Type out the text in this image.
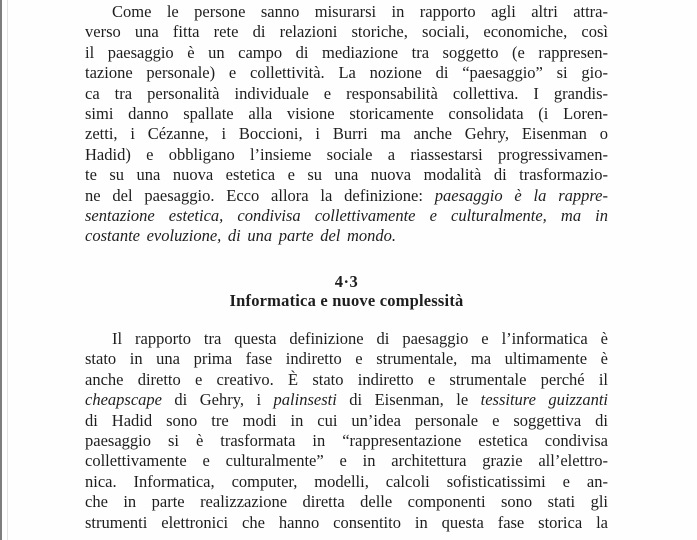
Come le persone sanno misurarsi in rapporto agli altri attra-
verso una fitta rete di relazioni storiche, sociali, economiche, così
il paesaggio è un campo di mediazione tra soggetto (e rappresen-
tazione personale) e collettività. La nozione di “paesaggio” si gio-
ca tra personalità individuale e responsabilità collettiva. I grandis-
simi danno spallate alla visione storicamente consolidata (i Loren-
zetti, i Cézanne, i Boccioni, i Burri ma anche Gehry, Eisenman o
Hadid) e obbligano l’insieme sociale a riassestarsi progressivamen-
te su una nuova estetica e su una nuova modalità di trasformazio-
ne del paesaggio. Ecco allora la definizione: paesaggio è la rappre-
sentazione estetica, condivisa collettivamente e culturalmente, ma in
costante evoluzione, di una parte del mondo.
4·3
Informatica e nuove complessità
Il rapporto tra questa definizione di paesaggio e l’informatica è
stato in una prima fase indiretto e strumentale, ma ultimamente è
anche diretto e creativo. È stato indiretto e strumentale perché il
cheapscape di Gehry, i palinsesti di Eisenman, le tessiture guizzanti
di Hadid sono tre modi in cui un’idea personale e soggettiva di
paesaggio si è trasformata in “rappresentazione estetica condivisa
collettivamente e culturalmente” e in architettura grazie all’elettro-
nica. Informatica, computer, modelli, calcoli sofisticatissimi e an-
che in parte realizzazione diretta delle componenti sono stati gli
strumenti elettronici che hanno consentito in questa fase storica la
